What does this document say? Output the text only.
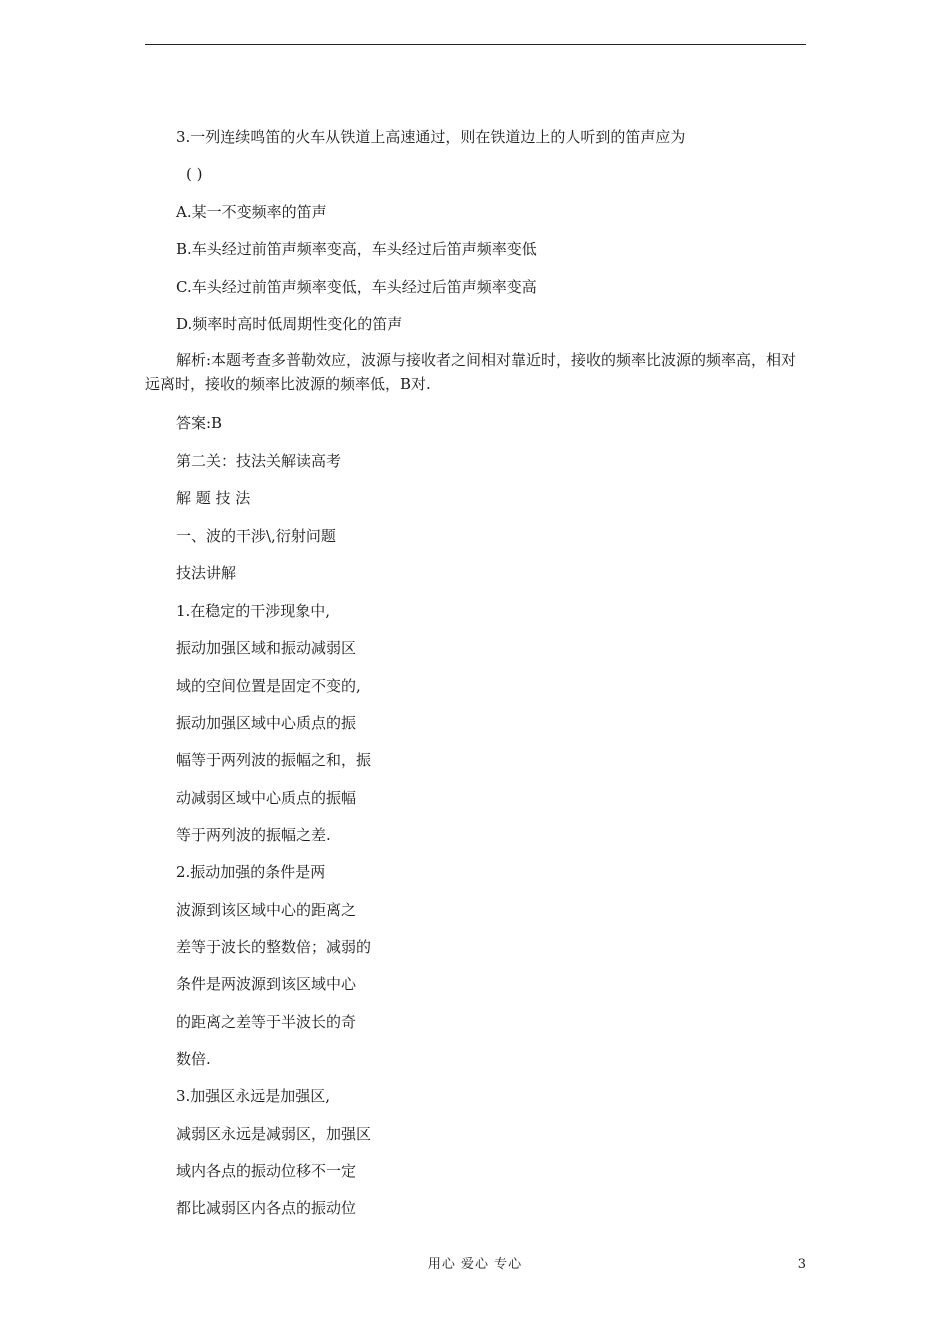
3.一列连续鸣笛的火车从铁道上高速通过，则在铁道边上的人听到的笛声应为
( )
A.某一不变频率的笛声
B.车头经过前笛声频率变高，车头经过后笛声频率变低
C.车头经过前笛声频率变低，车头经过后笛声频率变高
D.频率时高时低周期性变化的笛声
解析:本题考查多普勒效应，波源与接收者之间相对靠近时，接收的频率比波源的频率高，相对远离时，接收的频率比波源的频率低，B对.
答案:B
第二关：技法关解读高考
解 题 技 法
一、波的干涉\,衍射问题
技法讲解
1.在稳定的干涉现象中,
振动加强区域和振动减弱区
域的空间位置是固定不变的,
振动加强区域中心质点的振
幅等于两列波的振幅之和，振
动减弱区域中心质点的振幅
等于两列波的振幅之差.
2.振动加强的条件是两
波源到该区域中心的距离之
差等于波长的整数倍；减弱的
条件是两波源到该区域中心
的距离之差等于半波长的奇
数倍.
3.加强区永远是加强区,
减弱区永远是减弱区，加强区
域内各点的振动位移不一定
都比减弱区内各点的振动位
用心 爱心 专心	3
